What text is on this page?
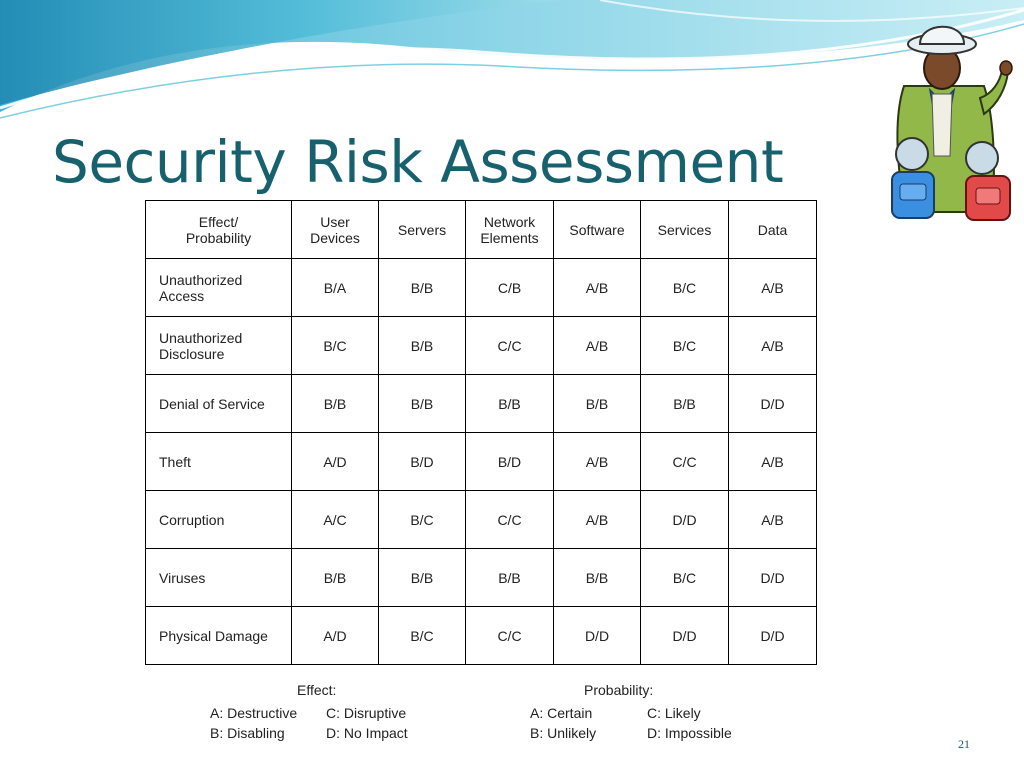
Security Risk Assessment
Effect/
Probability	User
Devices	Servers	Network
Elements	Software	Services	Data
Unauthorized
Access	B/A	B/B	C/B	A/B	B/C	A/B
Unauthorized
Disclosure	B/C	B/B	C/C	A/B	B/C	A/B
Denial of Service	B/B	B/B	B/B	B/B	B/B	D/D
Theft	A/D	B/D	B/D	A/B	C/C	A/B
Corruption	A/C	B/C	C/C	A/B	D/D	A/B
Viruses	B/B	B/B	B/B	B/B	B/C	D/D
Physical Damage	A/D	B/C	C/C	D/D	D/D	D/D
Effect:
A: Destructive C: Disruptive
B: Disabling	D: No Impact
Probability:
A: Certain	C: Likely
B: Unlikely	D: Impossible
21
